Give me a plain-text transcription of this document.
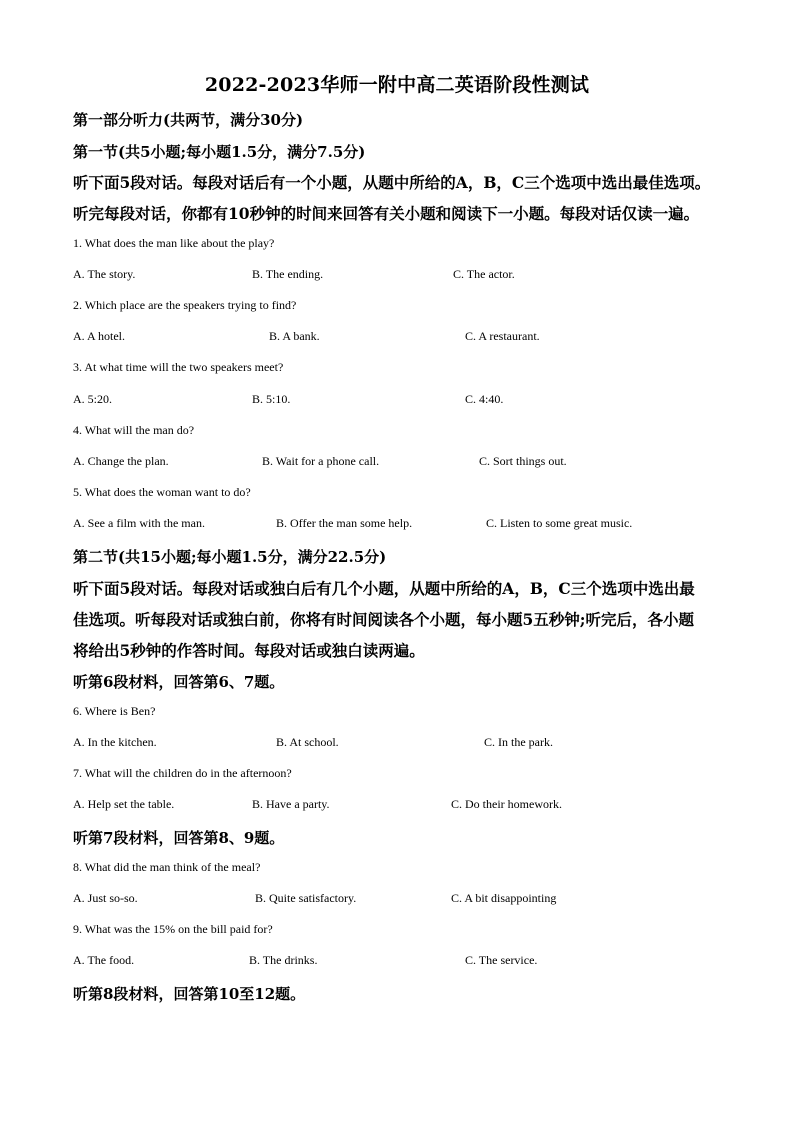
2022-2023华师一附中高二英语阶段性测试
第一部分听力(共两节，满分30分)
第一节(共5小题;每小题1.5分，满分7.5分)
听下面5段对话。每段对话后有一个小题，从题中所给的A，B，C三个选项中选出最佳选项。
听完每段对话，你都有10秒钟的时间来回答有关小题和阅读下一小题。每段对话仅读一遍。
1. What does the man like about the play?
A. The story.	B. The ending.	C. The actor.
2. Which place are the speakers trying to find?
A. A hotel.	B. A bank.	C. A restaurant.
3. At what time will the two speakers meet?
A. 5:20.	B. 5:10.	C. 4:40.
4. What will the man do?
A. Change the plan.	B. Wait for a phone call.	C. Sort things out.
5. What does the woman want to do?
A. See a film with the man.	B. Offer the man some help.	C. Listen to some great music.
第二节(共15小题;每小题1.5分，满分22.5分)
听下面5段对话。每段对话或独白后有几个小题，从题中所给的A，B，C三个选项中选出最
佳选项。听每段对话或独白前，你将有时间阅读各个小题，每小题5五秒钟;听完后，各小题
将给出5秒钟的作答时间。每段对话或独白读两遍。
听第6段材料，回答第6、7题。
6. Where is Ben?
A. In the kitchen.	B. At school.	C. In the park.
7. What will the children do in the afternoon?
A. Help set the table.	B. Have a party.	C. Do their homework.
听第7段材料，回答第8、9题。
8. What did the man think of the meal?
A. Just so-so.	B. Quite satisfactory.	C. A bit disappointing
9. What was the 15% on the bill paid for?
A. The food.	B. The drinks.	C. The service.
听第8段材料，回答第10至12题。
